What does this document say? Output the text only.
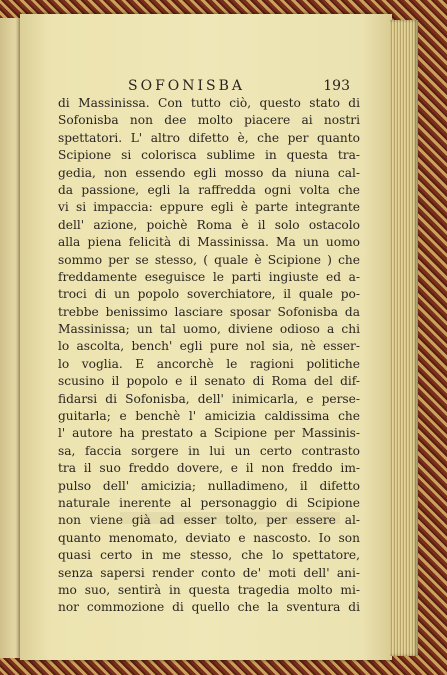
SOFONISBA	193
di Massinissa. Con tutto ciò, questo stato di
Sofonisba non dee molto piacere ai nostri
spettatori. L' altro difetto è, che per quanto
Scipione si colorisca sublime in questa tra-
gedia, non essendo egli mosso da niuna cal-
da passione, egli la raffredda ogni volta che
vi si impaccia: eppure egli è parte integrante
dell' azione, poichè Roma è il solo ostacolo
alla piena felicità di Massinissa. Ma un uomo
sommo per se stesso, ( quale è Scipione ) che
freddamente eseguisce le parti ingiuste ed a-
troci di un popolo soverchiatore, il quale po-
trebbe benissimo lasciare sposar Sofonisba da
Massinissa; un tal uomo, diviene odioso a chi
lo ascolta, bench' egli pure nol sia, nè esser-
lo voglia. E ancorchè le ragioni politiche
scusino il popolo e il senato di Roma del dif-
fidarsi di Sofonisba, dell' inimicarla, e perse-
guitarla; e benchè l' amicizia caldissima che
l' autore ha prestato a Scipione per Massinis-
sa, faccia sorgere in lui un certo contrasto
tra il suo freddo dovere, e il non freddo im-
pulso dell' amicizia; nulladimeno, il difetto
naturale inerente al personaggio di Scipione
non viene già ad esser tolto, per essere al-
quanto menomato, deviato e nascosto. Io son
quasi certo in me stesso, che lo spettatore,
senza sapersi render conto de' moti dell' ani-
mo suo, sentirà in questa tragedia molto mi-
nor commozione di quello che la sventura di
